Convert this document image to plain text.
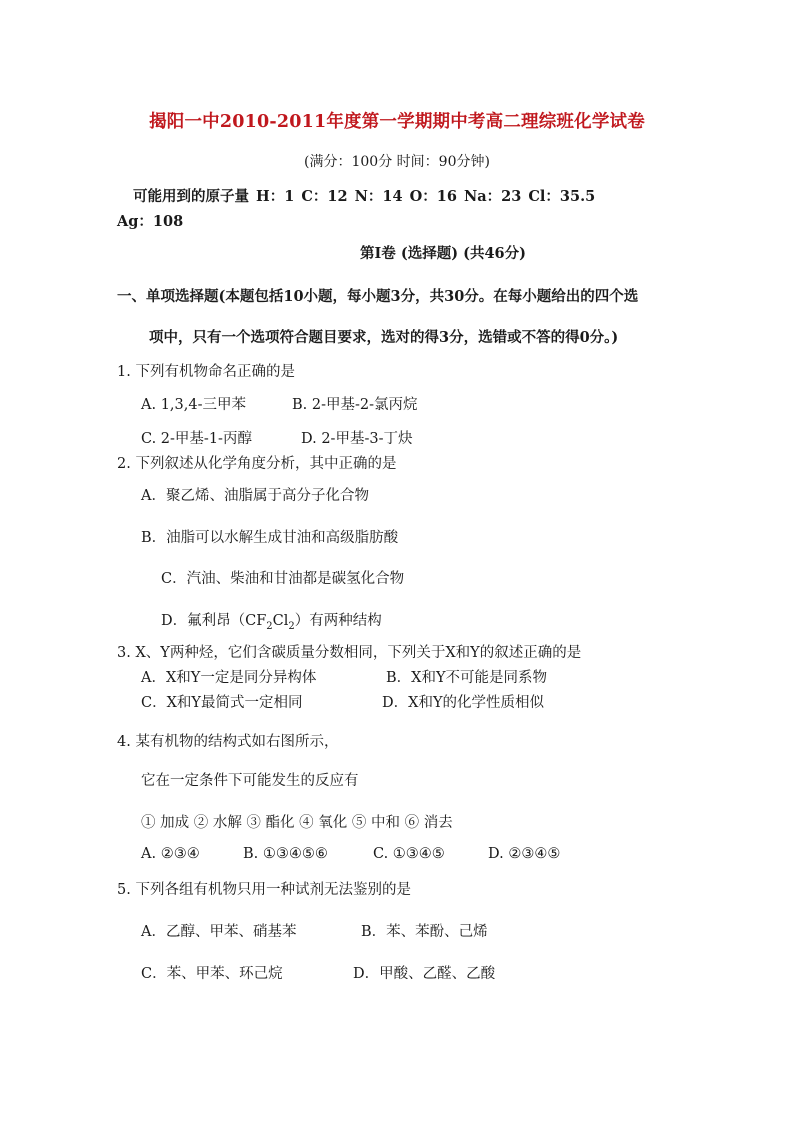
揭阳一中2010-2011年度第一学期期中考高二理综班化学试卷
(满分：100分 时间：90分钟)
可能用到的原子量 H：1 C：12 N：14 O：16 Na：23 Cl：35.5
Ag：108
第Ⅰ卷 (选择题) (共46分)
一、单项选择题(本题包括10小题，每小题3分，共30分。在每小题给出的四个选
项中，只有一个选项符合题目要求，选对的得3分，选错或不答的得0分。)
1. 下列有机物命名正确的是
A. 1,3,4-三甲苯	B. 2-甲基-2-氯丙烷
C. 2-甲基-1-丙醇	D. 2-甲基-3-丁炔
2. 下列叙述从化学角度分析，其中正确的是
A．聚乙烯、油脂属于高分子化合物
B．油脂可以水解生成甘油和高级脂肪酸
C．汽油、柴油和甘油都是碳氢化合物
D．氟利昂$(CF_2Cl_2)$有两种结构
3. X、Y两种烃，它们含碳质量分数相同，下列关于X和Y的叙述正确的是
A．X和Y一定是同分异构体	B．X和Y不可能是同系物
C．X和Y最简式一定相同	D．X和Y的化学性质相似
4. 某有机物的结构式如右图所示，
它在一定条件下可能发生的反应有
① 加成 ② 水解 ③ 酯化 ④ 氧化 ⑤ 中和 ⑥ 消去
A. ②③④	B. ①③④⑤⑥	C. ①③④⑤	D. ②③④⑤
5. 下列各组有机物只用一种试剂无法鉴别的是
A．乙醇、甲苯、硝基苯	B．苯、苯酚、己烯
C．苯、甲苯、环己烷	D．甲酸、乙醛、乙酸
